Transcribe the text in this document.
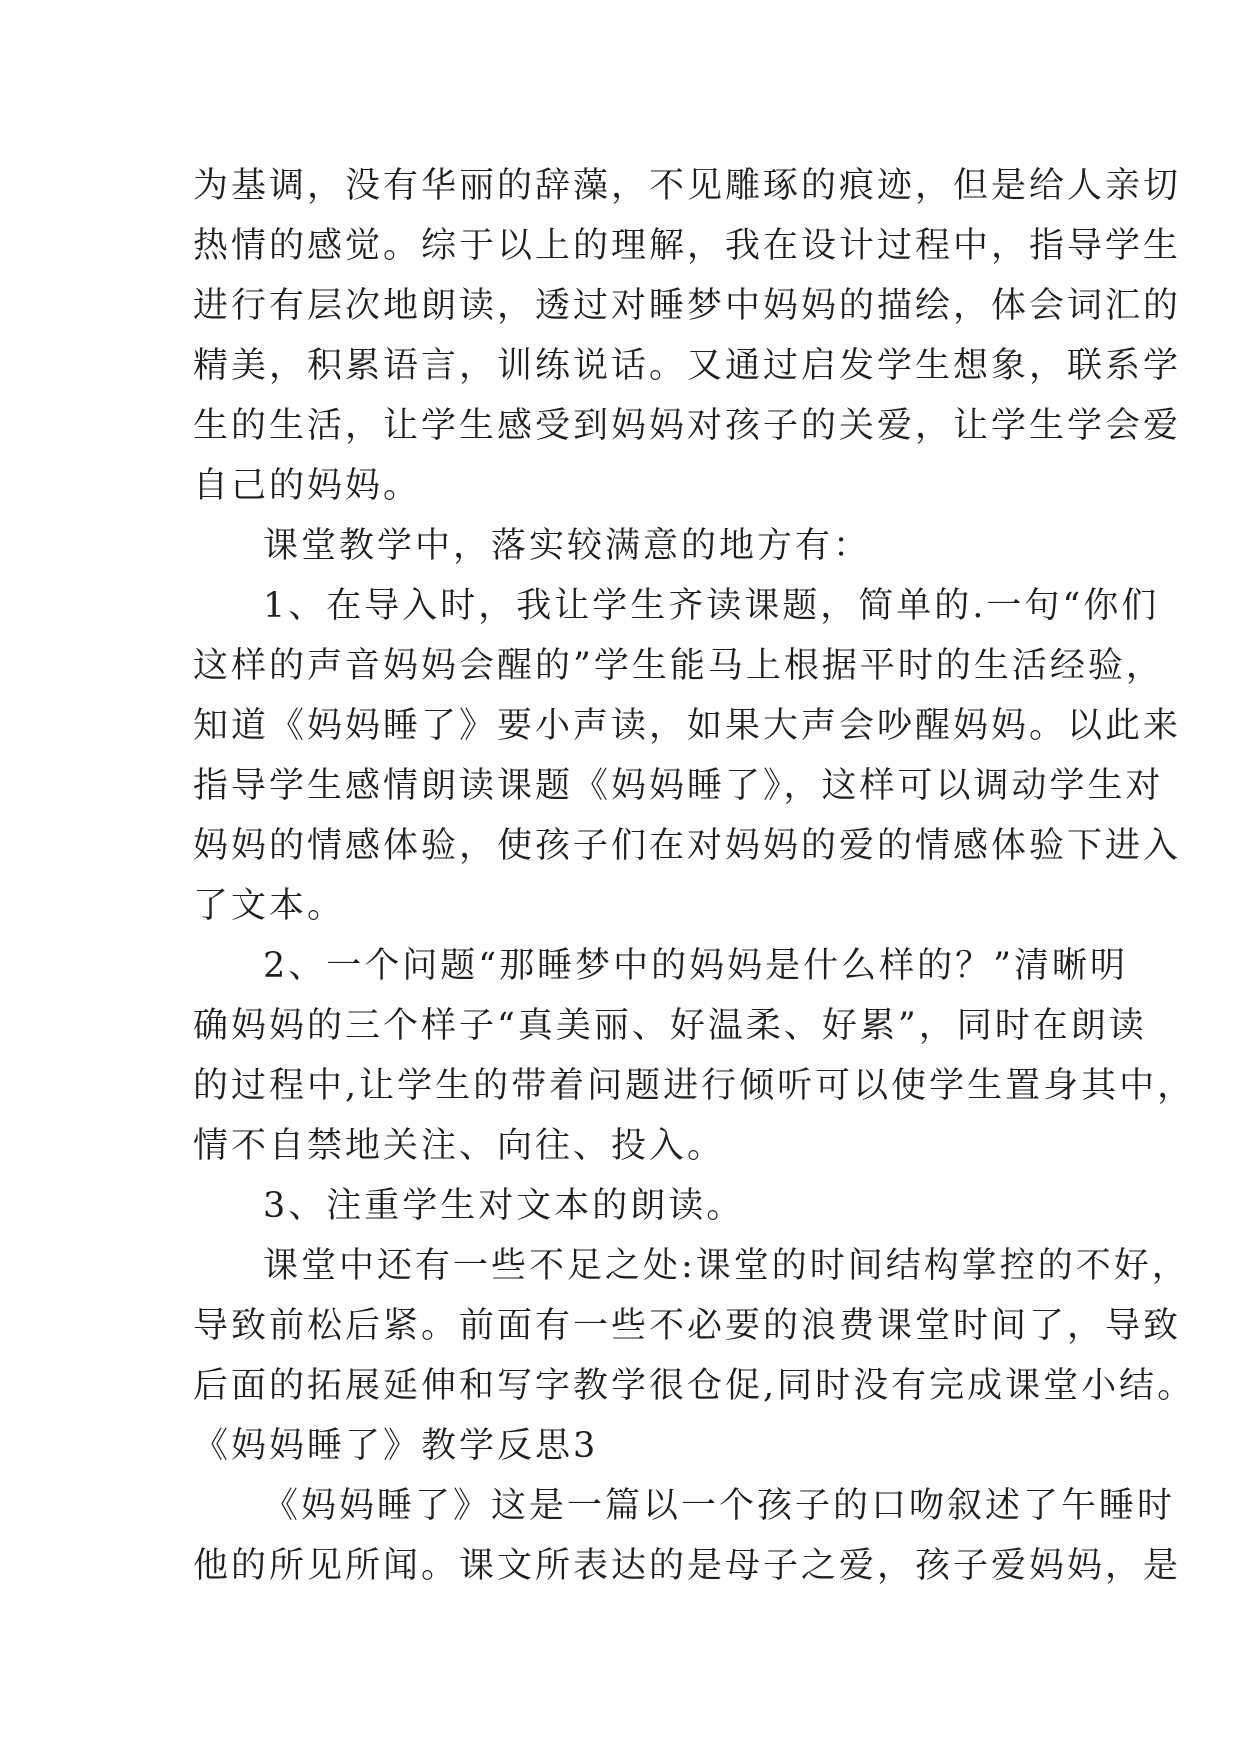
为基调，没有华丽的辞藻，不见雕琢的痕迹，但是给人亲切
热情的感觉。综于以上的理解，我在设计过程中，指导学生
进行有层次地朗读，透过对睡梦中妈妈的描绘，体会词汇的
精美，积累语言，训练说话。又通过启发学生想象，联系学
生的生活，让学生感受到妈妈对孩子的关爱，让学生学会爱
自己的妈妈。
课堂教学中，落实较满意的地方有：
1、在导入时，我让学生齐读课题，简单的.一句“你们
这样的声音妈妈会醒的”学生能马上根据平时的生活经验，
知道《妈妈睡了》要小声读，如果大声会吵醒妈妈。以此来
指导学生感情朗读课题《妈妈睡了》，这样可以调动学生对
妈妈的情感体验，使孩子们在对妈妈的爱的情感体验下进入
了文本。
2、一个问题“那睡梦中的妈妈是什么样的？”清晰明
确妈妈的三个样子“真美丽、好温柔、好累”，同时在朗读
的过程中,让学生的带着问题进行倾听可以使学生置身其中，
情不自禁地关注、向往、投入。
3、注重学生对文本的朗读。
课堂中还有一些不足之处:课堂的时间结构掌控的不好，
导致前松后紧。前面有一些不必要的浪费课堂时间了，导致
后面的拓展延伸和写字教学很仓促,同时没有完成课堂小结。
《妈妈睡了》教学反思3
《妈妈睡了》这是一篇以一个孩子的口吻叙述了午睡时
他的所见所闻。课文所表达的是母子之爱，孩子爱妈妈，是
